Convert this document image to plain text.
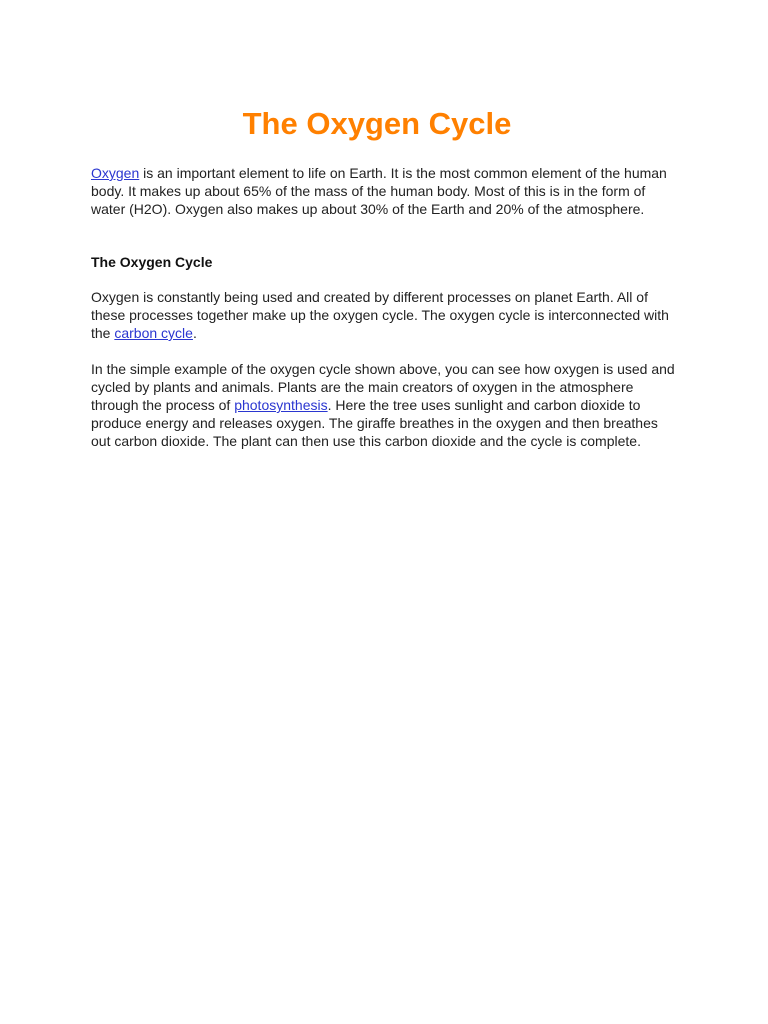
The Oxygen Cycle

Oxygen is an important element to life on Earth. It is the most common element of the human body. It makes up about 65% of the mass of the human body. Most of this is in the form of water (H2O). Oxygen also makes up about 30% of the Earth and 20% of the atmosphere.

The Oxygen Cycle

Oxygen is constantly being used and created by different processes on planet Earth. All of these processes together make up the oxygen cycle. The oxygen cycle is interconnected with the carbon cycle.

In the simple example of the oxygen cycle shown above, you can see how oxygen is used and cycled by plants and animals. Plants are the main creators of oxygen in the atmosphere through the process of photosynthesis. Here the tree uses sunlight and carbon dioxide to produce energy and releases oxygen. The giraffe breathes in the oxygen and then breathes out carbon dioxide. The plant can then use this carbon dioxide and the cycle is complete.
